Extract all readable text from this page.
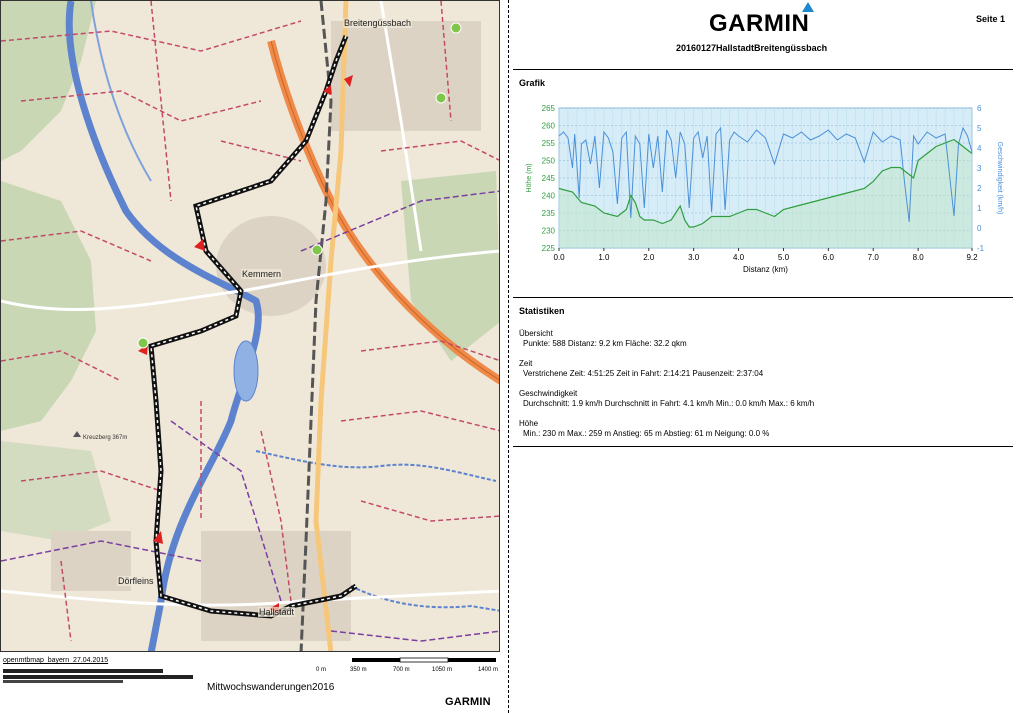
Breitengüssbach
Kemmern
Dörfleins
Hallstadt
Kreuzberg 367m
openmtbmap_bayern_27.04.2015
0 m	350 m	700 m	1050 m	1400 m
Mittwochswanderungen2016
GARMIN
GARMIN	Seite 1
20160127HallstadtBreitengüssbach
Grafik
0.0	1.0	2.0	3.0	4.0	5.0	6.0	7.0	8.0	9.2
225
230
235
240
245
250
255
260
265
-1
0
1
2
3
4
5
6
Distanz (km)
Höhe (m)	Geschwindigkeit (km/h)
Statistiken
Übersicht
Punkte: 588 Distanz: 9.2 km Fläche: 32.2 qkm
Zeit
Verstrichene Zeit: 4:51:25 Zeit in Fahrt: 2:14:21 Pausenzeit: 2:37:04
Geschwindigkeit
Durchschnitt: 1.9 km/h Durchschnitt in Fahrt: 4.1 km/h Min.: 0.0 km/h Max.: 6 km/h
Höhe
Min.: 230 m Max.: 259 m Anstieg: 65 m Abstieg: 61 m Neigung: 0.0 %
